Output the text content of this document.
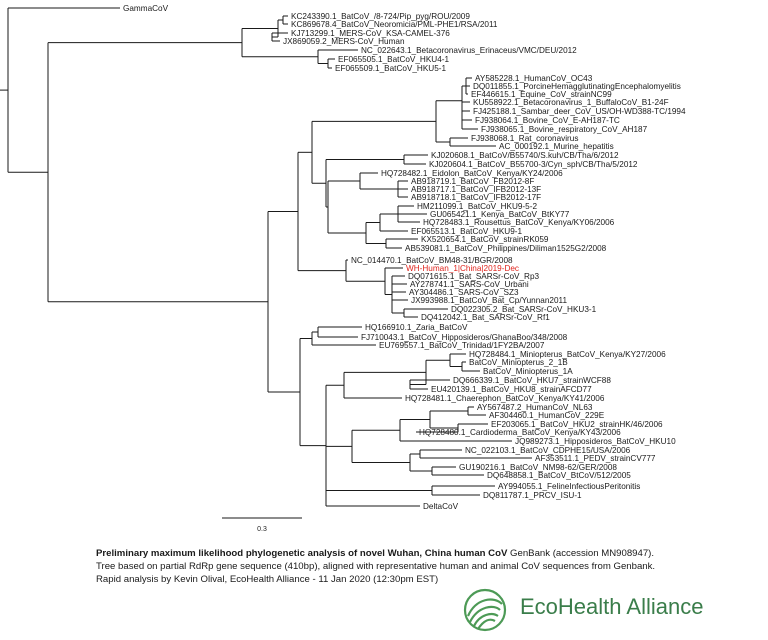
GammaCoV
KC243390.1_BatCoV_/8-724/Pip_pyg/ROU/2009
KC869678.4_BatCoV_Neoromicia/PML-PHE1/RSA/2011
KJ713299.1_MERS-CoV_KSA-CAMEL-376
JX869059.2_MERS-CoV_Human
NC_022643.1_Betacoronavirus_Erinaceus/VMC/DEU/2012
EF065505.1_BatCoV_HKU4-1
EF065509.1_BatCoV_HKU5-1
AY585228.1_HumanCoV_OC43
DQ011855.1_PorcineHemagglutinatingEncephalomyelitis
EF446615.1_Equine_CoV_strainNC99
KU558922.1_Betacoronavirus_1_BuffaloCoV_B1-24F
FJ425188.1_Sambar_deer_CoV_US/OH-WD388-TC/1994
FJ938064.1_Bovine_CoV_E-AH187-TC
FJ938065.1_Bovine_respiratory_CoV_AH187
FJ938068.1_Rat_coronavirus
AC_000192.1_Murine_hepatitis
KJ020608.1_BatCoV/B55740/S.kuh/CB/Tha/6/2012
KJ020604.1_BatCoV_B55700-3/Cyn_sph/CB/Tha/5/2012
HQ728482.1_Eidolon_BatCoV_Kenya/KY24/2006
AB918719.1_BatCoV_FB2012-8F
AB918717.1_BatCoV_IFB2012-13F
AB918718.1_BatCoV_IFB2012-17F
HM211099.1_BatCoV_HKU9-5-2
GU065421.1_Kenya_BatCoV_BtKY77
HQ728483.1_Rousettus_BatCoV_Kenya/KY06/2006
EF065513.1_BatCoV_HKU9-1
KX520654.1_BatCoV_strainRK059
AB539081.1_BatCoV_Philippines/Diliman1525G2/2008
NC_014470.1_BatCoV_BM48-31/BGR/2008
WH-Human_1|China|2019-Dec
DQ071615.1_Bat_SARSr-CoV_Rp3
AY278741.1_SARS-CoV_Urbani
AY304486.1_SARS-CoV_SZ3
JX993988.1_BatCoV_Bat_Cp/Yunnan2011
DQ022305.2_Bat_SARSr-CoV_HKU3-1
DQ412042.1_Bat_SARSr-CoV_Rf1
HQ166910.1_Zaria_BatCoV
FJ710043.1_BatCoV_Hipposideros/GhanaBoo/348/2008
EU769557.1_BatCoV_Trinidad/1FY2BA/2007
HQ728484.1_Miniopterus_BatCoV_Kenya/KY27/2006
BatCoV_Miniopterus_2_1B
BatCoV_Miniopterus_1A
DQ666339.1_BatCoV_HKU7_strainWCF88
EU420139.1_BatCoV_HKU8_strainAFCD77
HQ728481.1_Chaerephon_BatCoV_Kenya/KY41/2006
AY567487.2_HumanCoV_NL63
AF304460.1_HumanCoV_229E
EF203065.1_BatCoV_HKU2_strainHK/46/2006
HQ728480.1_Cardioderma_BatCoV_Kenya/KY43/2006
JQ989273.1_Hipposideros_BatCoV_HKU10
NC_022103.1_BatCoV_CDPHE15/USA/2006
AF353511.1_PEDV_strainCV777
GU190216.1_BatCoV_NM98-62/GER/2008
DQ648858.1_BatCoV_BtCoV/512/2005
AY994055.1_FelineInfectiousPeritonitis
DQ811787.1_PRCV_ISU-1
DeltaCoV
0.3
Preliminary maximum likelihood phylogenetic analysis of novel Wuhan, China human CoV GenBank (accession MN908947).
Tree based on partial RdRp gene sequence (410bp), aligned with representative human and animal CoV sequences from Genbank.
Rapid analysis by Kevin Olival, EcoHealth Alliance - 11 Jan 2020 (12:30pm EST)
EcoHealth Alliance
